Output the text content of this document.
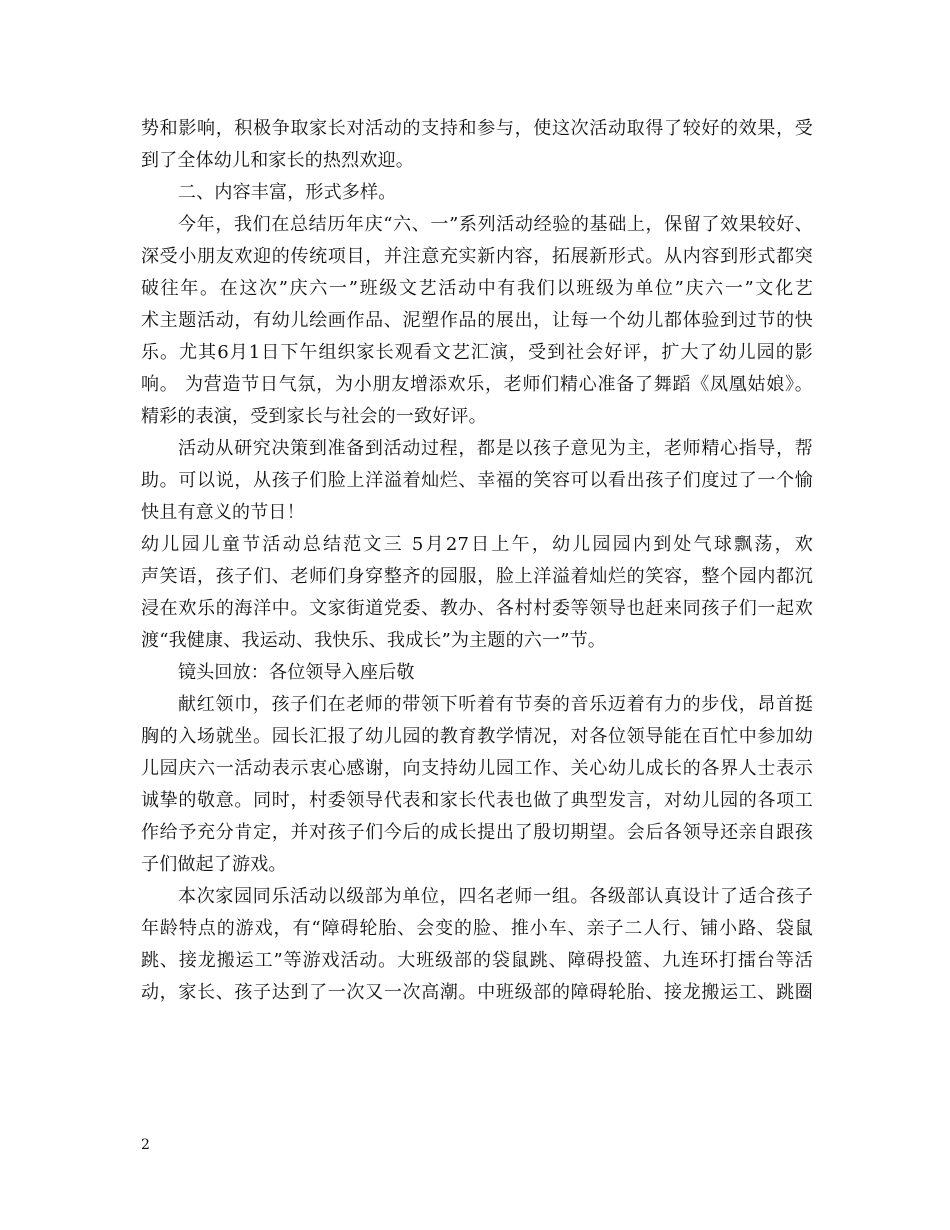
势和影响，积极争取家长对活动的支持和参与，使这次活动取得了较好的效果，受
到了全体幼儿和家长的热烈欢迎。
二、内容丰富，形式多样。
今年，我们在总结历年庆“六、一”系列活动经验的基础上，保留了效果较好、
深受小朋友欢迎的传统项目，并注意充实新内容，拓展新形式。从内容到形式都突
破往年。在这次”庆六一”班级文艺活动中有我们以班级为单位”庆六一”文化艺
术主题活动，有幼儿绘画作品、泥塑作品的展出，让每一个幼儿都体验到过节的快
乐。尤其6月1日下午组织家长观看文艺汇演，受到社会好评，扩大了幼儿园的影
响。 为营造节日气氛，为小朋友增添欢乐，老师们精心准备了舞蹈《凤凰姑娘》。
精彩的表演，受到家长与社会的一致好评。
活动从研究决策到准备到活动过程，都是以孩子意见为主，老师精心指导，帮
助。可以说，从孩子们脸上洋溢着灿烂、幸福的笑容可以看出孩子们度过了一个愉
快且有意义的节日！
幼儿园儿童节活动总结范文三 5月27日上午，幼儿园园内到处气球飘荡，欢
声笑语，孩子们、老师们身穿整齐的园服，脸上洋溢着灿烂的笑容，整个园内都沉
浸在欢乐的海洋中。文家街道党委、教办、各村村委等领导也赶来同孩子们一起欢
渡“我健康、我运动、我快乐、我成长”为主题的六一”节。
镜头回放：各位领导入座后敬
献红领巾，孩子们在老师的带领下听着有节奏的音乐迈着有力的步伐，昂首挺
胸的入场就坐。园长汇报了幼儿园的教育教学情况，对各位领导能在百忙中参加幼
儿园庆六一活动表示衷心感谢，向支持幼儿园工作、关心幼儿成长的各界人士表示
诚挚的敬意。同时，村委领导代表和家长代表也做了典型发言，对幼儿园的各项工
作给予充分肯定，并对孩子们今后的成长提出了殷切期望。会后各领导还亲自跟孩
子们做起了游戏。
本次家园同乐活动以级部为单位，四名老师一组。各级部认真设计了适合孩子
年龄特点的游戏，有“障碍轮胎、会变的脸、推小车、亲子二人行、铺小路、袋鼠
跳、接龙搬运工”等游戏活动。大班级部的袋鼠跳、障碍投篮、九连环打擂台等活
动，家长、孩子达到了一次又一次高潮。中班级部的障碍轮胎、接龙搬运工、跳圈
2
